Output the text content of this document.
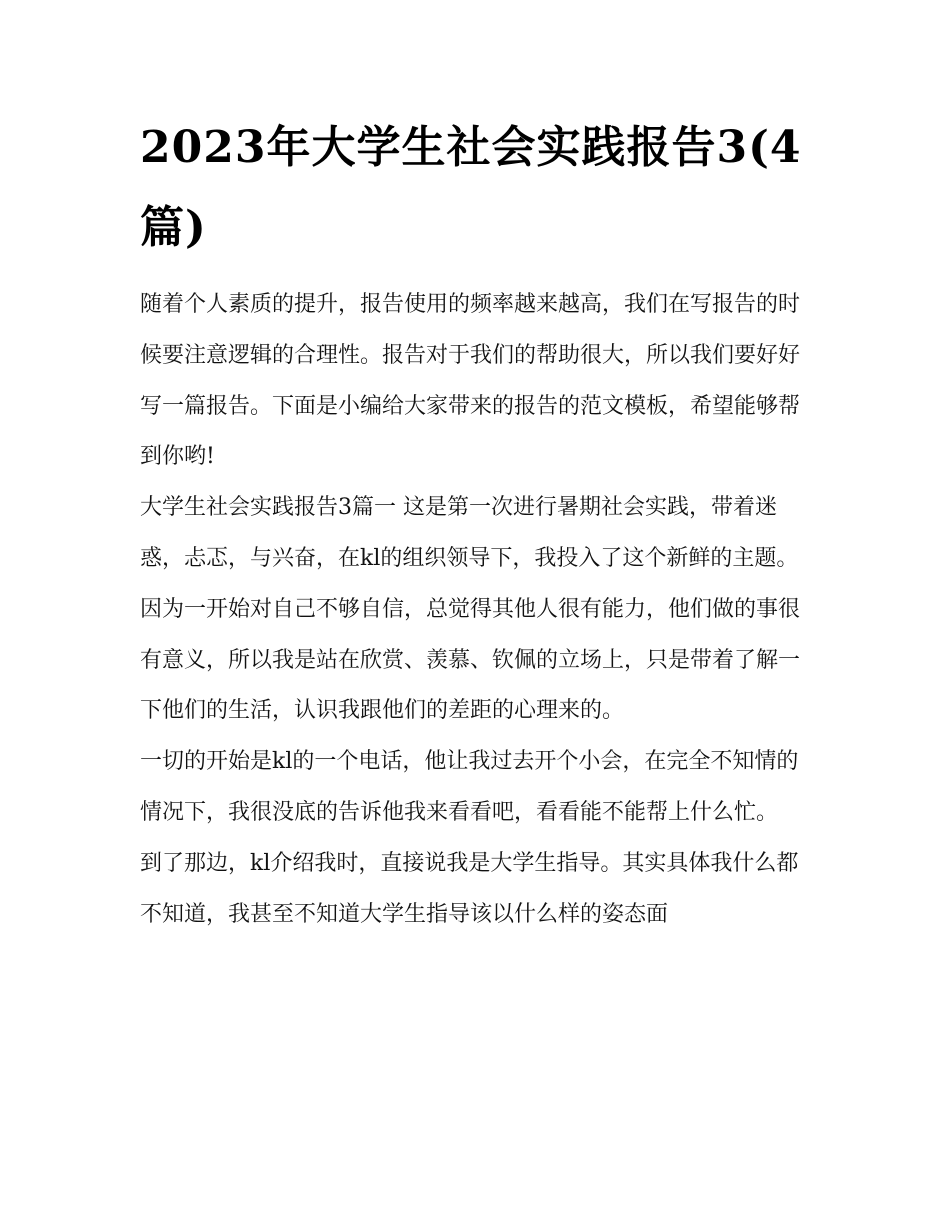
2023年大学生社会实践报告3(4篇)

随着个人素质的提升，报告使用的频率越来越高，我们在写报告的时候要注意逻辑的合理性。报告对于我们的帮助很大，所以我们要好好写一篇报告。下面是小编给大家带来的报告的范文模板，希望能够帮到你哟!

大学生社会实践报告3篇一 这是第一次进行暑期社会实践，带着迷惑，忐忑，与兴奋，在kl的组织领导下，我投入了这个新鲜的主题。

因为一开始对自己不够自信，总觉得其他人很有能力，他们做的事很有意义，所以我是站在欣赏、羡慕、钦佩的立场上，只是带着了解一下他们的生活，认识我跟他们的差距的心理来的。

一切的开始是kl的一个电话，他让我过去开个小会，在完全不知情的情况下，我很没底的告诉他我来看看吧，看看能不能帮上什么忙。

到了那边，kl介绍我时，直接说我是大学生指导。其实具体我什么都不知道，我甚至不知道大学生指导该以什么样的姿态面
